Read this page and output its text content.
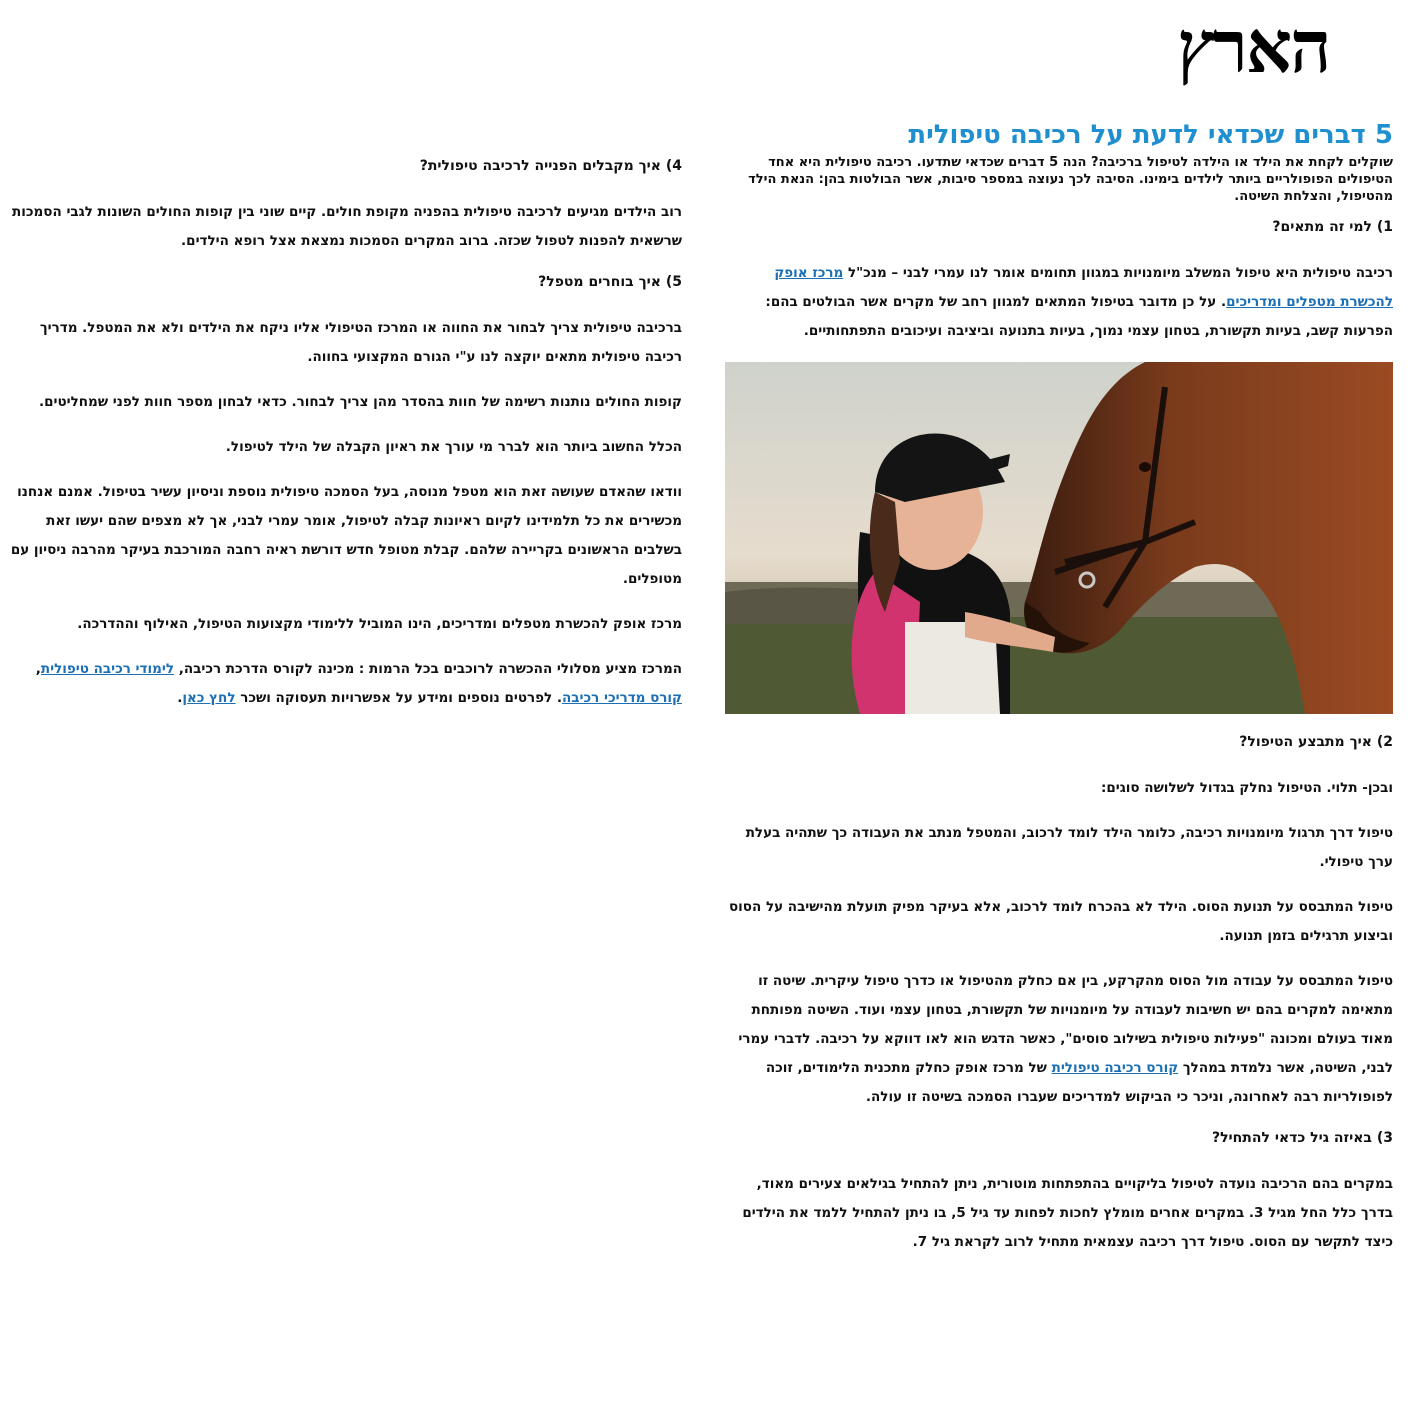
הארץ
5 דברים שכדאי לדעת על רכיבה טיפולית

שוקלים לקחת את הילד או הילדה לטיפול ברכיבה? הנה 5 דברים שכדאי שתדעו. רכיבה טיפולית היא אחד הטיפולים הפופולריים ביותר לילדים בימינו. הסיבה לכך נעוצה במספר סיבות, אשר הבולטות בהן: הנאת הילד מהטיפול, והצלחת השיטה.

1) למי זה מתאים?

רכיבה טיפולית היא טיפול המשלב מיומנויות במגוון תחומים אומר לנו עמרי לבני – מנכ"ל מרכז אופק להכשרת מטפלים ומדריכים. על כן מדובר בטיפול המתאים למגוון רחב של מקרים אשר הבולטים בהם: הפרעות קשב, בעיות תקשורת, בטחון עצמי נמוך, בעיות בתנועה וביציבה ועיכובים התפתחותיים.

2) איך מתבצע הטיפול?

ובכן- תלוי. הטיפול נחלק בגדול לשלושה סוגים:

טיפול דרך תרגול מיומנויות רכיבה, כלומר הילד לומד לרכוב, והמטפל מנתב את העבודה כך שתהיה בעלת ערך טיפולי.

טיפול המתבסס על תנועת הסוס. הילד לא בהכרח לומד לרכוב, אלא בעיקר מפיק תועלת מהישיבה על הסוס וביצוע תרגילים בזמן תנועה.

טיפול המתבסס על עבודה מול הסוס מהקרקע, בין אם כחלק מהטיפול או כדרך טיפול עיקרית. שיטה זו מתאימה למקרים בהם יש חשיבות לעבודה על מיומנויות של תקשורת, בטחון עצמי ועוד. השיטה מפותחת מאוד בעולם ומכונה "פעילות טיפולית בשילוב סוסים", כאשר הדגש הוא לאו דווקא על רכיבה. לדברי עמרי לבני, השיטה, אשר נלמדת במהלך קורס רכיבה טיפולית של מרכז אופק כחלק מתכנית הלימודים, זוכה לפופולריות רבה לאחרונה, וניכר כי הביקוש למדריכים שעברו הסמכה בשיטה זו עולה.

3) באיזה גיל כדאי להתחיל?

במקרים בהם הרכיבה נועדה לטיפול בליקויים בהתפתחות מוטורית, ניתן להתחיל בגילאים צעירים מאוד, בדרך כלל החל מגיל 3. במקרים אחרים מומלץ לחכות לפחות עד גיל 5, בו ניתן להתחיל ללמד את הילדים כיצד לתקשר עם הסוס. טיפול דרך רכיבה עצמאית מתחיל לרוב לקראת גיל 7.

4) איך מקבלים הפנייה לרכיבה טיפולית?

רוב הילדים מגיעים לרכיבה טיפולית בהפניה מקופת חולים. קיים שוני בין קופות החולים השונות לגבי הסמכות שרשאית להפנות לטפול שכזה. ברוב המקרים הסמכות נמצאת אצל רופא הילדים.

5) איך בוחרים מטפל?

ברכיבה טיפולית צריך לבחור את החווה או המרכז הטיפולי אליו ניקח את הילדים ולא את המטפל. מדריך רכיבה טיפולית מתאים יוקצה לנו ע"י הגורם המקצועי בחווה.

קופות החולים נותנות רשימה של חוות בהסדר מהן צריך לבחור. כדאי לבחון מספר חוות לפני שמחליטים.

הכלל החשוב ביותר הוא לברר מי עורך את ראיון הקבלה של הילד לטיפול.

וודאו שהאדם שעושה זאת הוא מטפל מנוסה, בעל הסמכה טיפולית נוספת וניסיון עשיר בטיפול. אמנם אנחנו מכשירים את כל תלמידינו לקיום ראיונות קבלה לטיפול, אומר עמרי לבני, אך לא מצפים שהם יעשו זאת בשלבים הראשונים בקריירה שלהם. קבלת מטופל חדש דורשת ראיה רחבה המורכבת בעיקר מהרבה ניסיון עם מטופלים.

מרכז אופק להכשרת מטפלים ומדריכים, הינו המוביל ללימודי מקצועות הטיפול, האילוף וההדרכה.

המרכז מציע מסלולי ההכשרה לרוכבים בכל הרמות : מכינה לקורס הדרכת רכיבה, לימודי רכיבה טיפולית, קורס מדריכי רכיבה. לפרטים נוספים ומידע על אפשרויות תעסוקה ושכר לחץ כאן.
